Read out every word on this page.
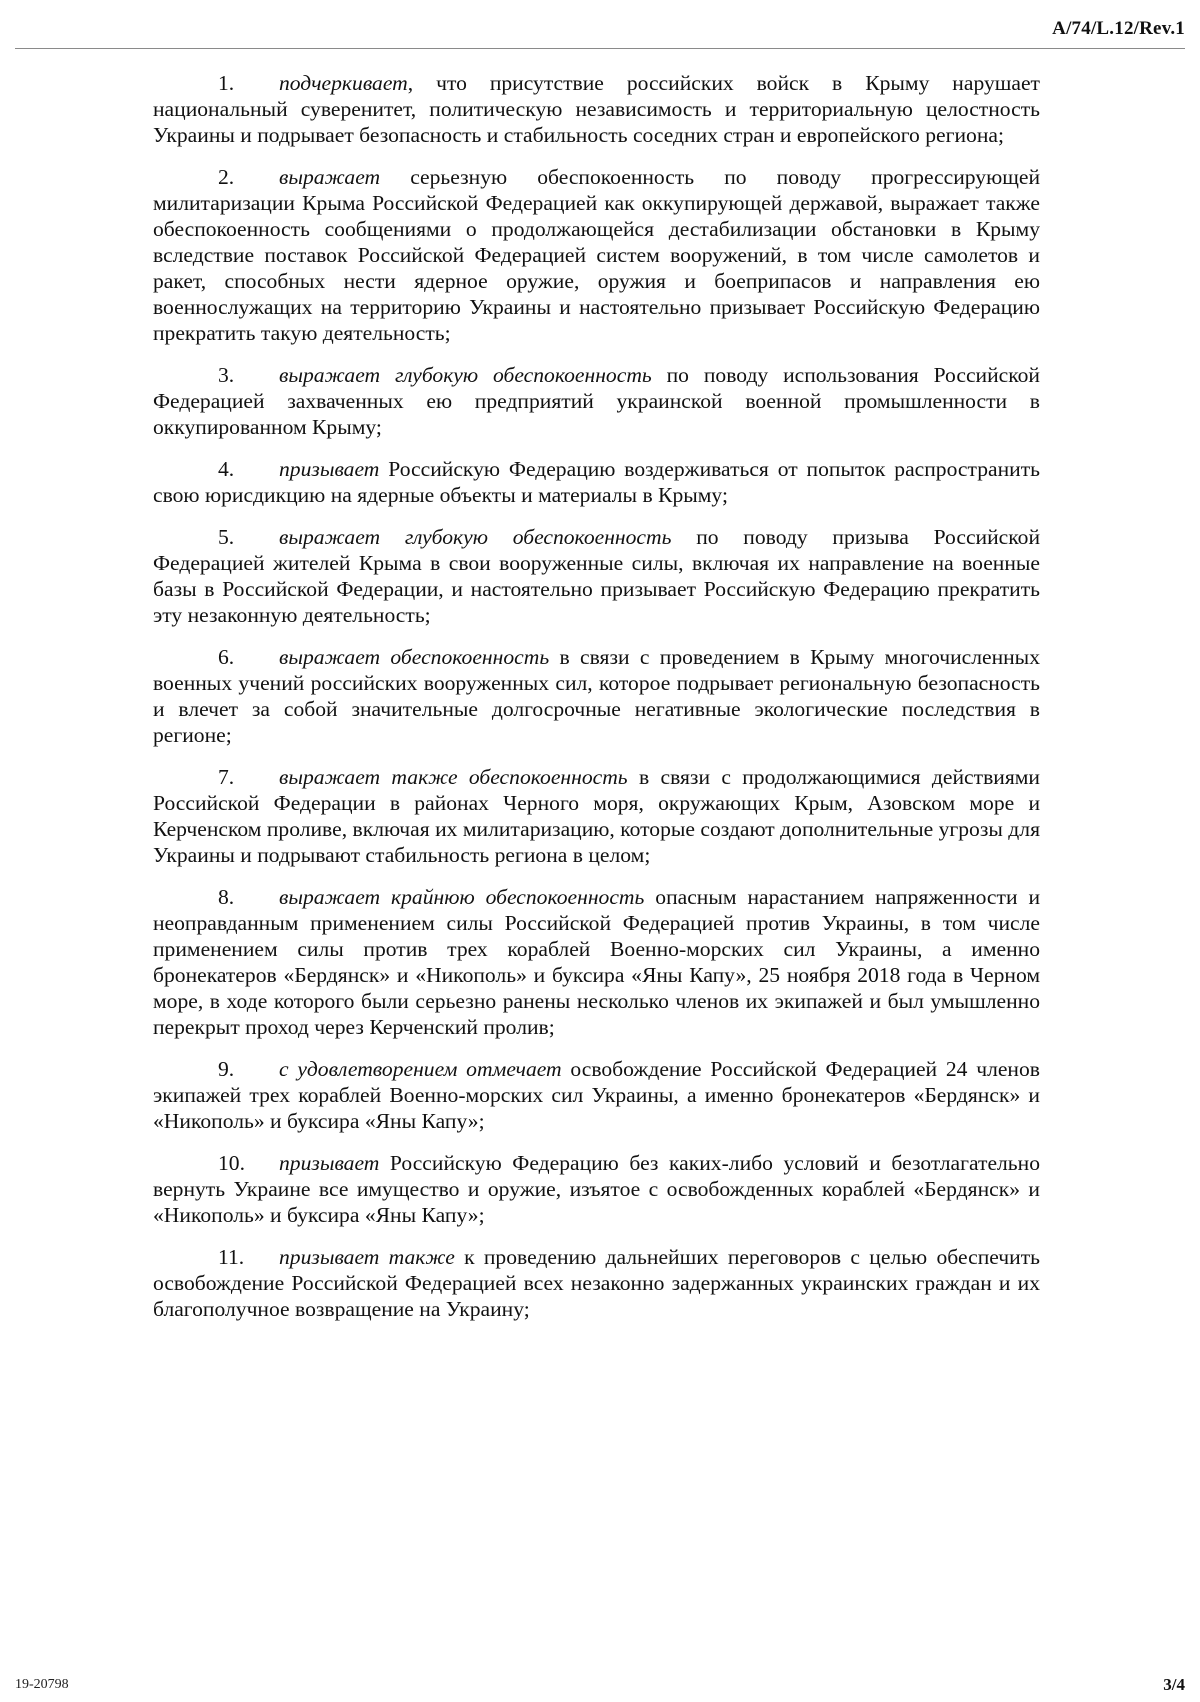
A/74/L.12/Rev.1

1. подчеркивает, что присутствие российских войск в Крыму нарушает национальный суверенитет, политическую независимость и территориальную целостность Украины и подрывает безопасность и стабильность соседних стран и европейского региона;

2. выражает серьезную обеспокоенность по поводу прогрессирующей милитаризации Крыма Российской Федерацией как оккупирующей державой, выражает также обеспокоенность сообщениями о продолжающейся дестабилизации обстановки в Крыму вследствие поставок Российской Федерацией систем вооружений, в том числе самолетов и ракет, способных нести ядерное оружие, оружия и боеприпасов и направления ею военнослужащих на территорию Украины и настоятельно призывает Российскую Федерацию прекратить такую деятельность;

3. выражает глубокую обеспокоенность по поводу использования Российской Федерацией захваченных ею предприятий украинской военной промышленности в оккупированном Крыму;

4. призывает Российскую Федерацию воздерживаться от попыток распространить свою юрисдикцию на ядерные объекты и материалы в Крыму;

5. выражает глубокую обеспокоенность по поводу призыва Российской Федерацией жителей Крыма в свои вооруженные силы, включая их направление на военные базы в Российской Федерации, и настоятельно призывает Российскую Федерацию прекратить эту незаконную деятельность;

6. выражает обеспокоенность в связи с проведением в Крыму многочисленных военных учений российских вооруженных сил, которое подрывает региональную безопасность и влечет за собой значительные долгосрочные негативные экологические последствия в регионе;

7. выражает также обеспокоенность в связи с продолжающимися действиями Российской Федерации в районах Черного моря, окружающих Крым, Азовском море и Керченском проливе, включая их милитаризацию, которые создают дополнительные угрозы для Украины и подрывают стабильность региона в целом;

8. выражает крайнюю обеспокоенность опасным нарастанием напряженности и неоправданным применением силы Российской Федерацией против Украины, в том числе применением силы против трех кораблей Военно-морских сил Украины, а именно бронекатеров «Бердянск» и «Никополь» и буксира «Яны Капу», 25 ноября 2018 года в Черном море, в ходе которого были серьезно ранены несколько членов их экипажей и был умышленно перекрыт проход через Керченский пролив;

9. с удовлетворением отмечает освобождение Российской Федерацией 24 членов экипажей трех кораблей Военно-морских сил Украины, а именно бронекатеров «Бердянск» и «Никополь» и буксира «Яны Капу»;

10. призывает Российскую Федерацию без каких-либо условий и безотлагательно вернуть Украине все имущество и оружие, изъятое с освобожденных кораблей «Бердянск» и «Никополь» и буксира «Яны Капу»;

11. призывает также к проведению дальнейших переговоров с целью обеспечить освобождение Российской Федерацией всех незаконно задержанных украинских граждан и их благополучное возвращение на Украину;

19-20798	3/4
